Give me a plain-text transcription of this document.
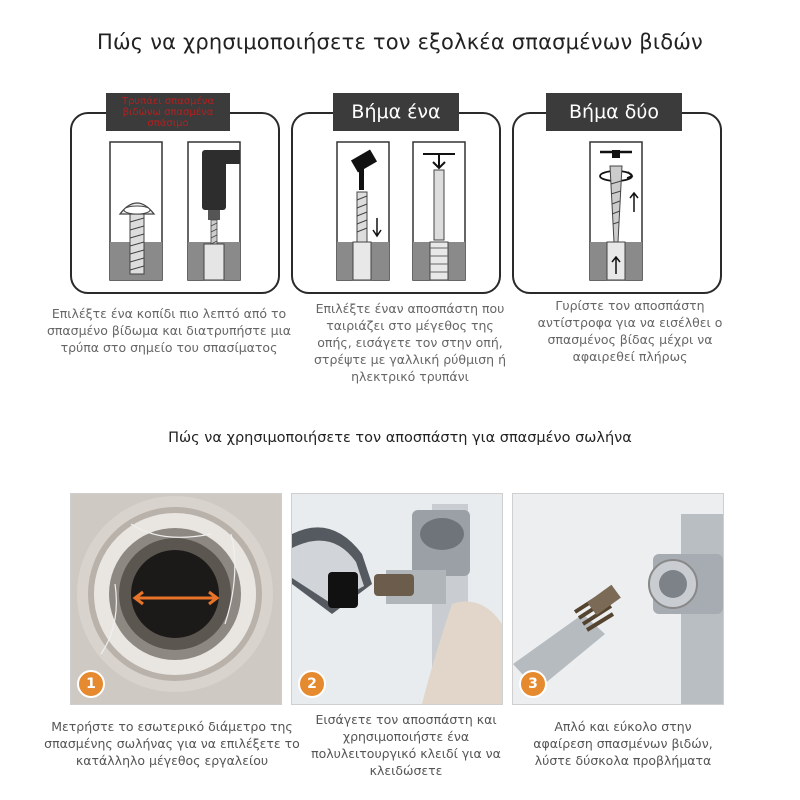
Πώς να χρησιμοποιήσετε τον εξολκέα σπασμένων βιδών
Τρυπάει σπασμένα βιδώνω σπασμένα σπάσιμο	Βήμα ένα	Βήμα δύο
Επιλέξτε ένα κοπίδι πιο λεπτό από το σπασμένο βίδωμα και διατρυπήστε μια τρύπα στο σημείο του σπασίματος
Επιλέξτε έναν αποσπάστη που ταιριάζει στο μέγεθος της οπής, εισάγετε τον στην οπή, στρέψτε με γαλλική ρύθμιση ή ηλεκτρικό τρυπάνι
Γυρίστε τον αποσπάστη αντίστροφα για να εισέλθει ο σπασμένος βίδας μέχρι να αφαιρεθεί πλήρως
Πώς να χρησιμοποιήσετε τον αποσπάστη για σπασμένο σωλήνα
1	2	3
Μετρήστε το εσωτερικό διάμετρο της σπασμένης σωλήνας για να επιλέξετε το κατάλληλο μέγεθος εργαλείου
Εισάγετε τον αποσπάστη και χρησιμοποιήστε ένα πολυλειτουργικό κλειδί για να κλειδώσετε
Απλό και εύκολο στην αφαίρεση σπασμένων βιδών, λύστε δύσκολα προβλήματα
